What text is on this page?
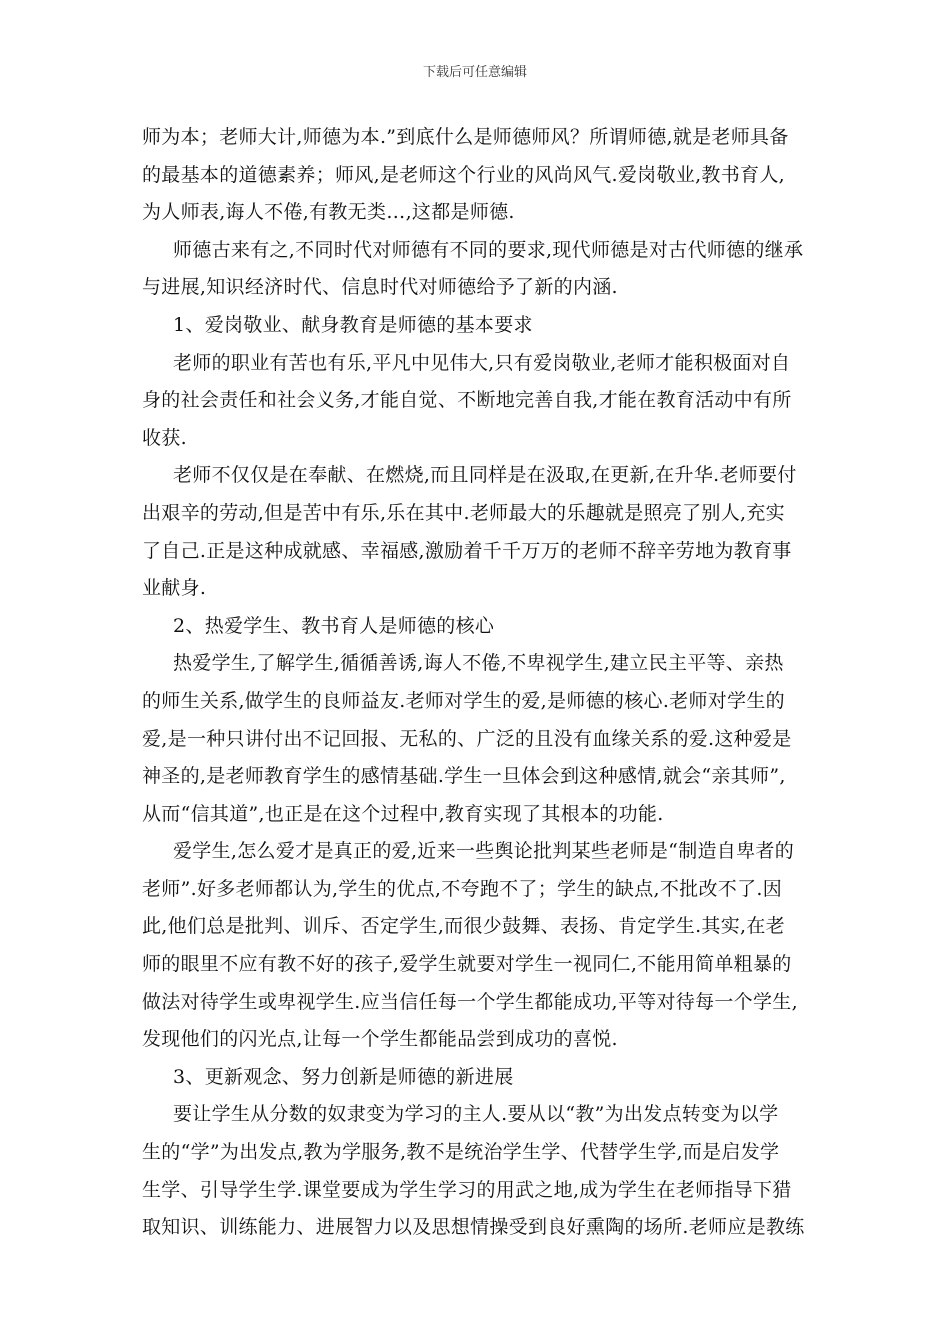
下载后可任意编辑
师为本；老师大计,师德为本.”到底什么是师德师风？所谓师德,就是老师具备
的最基本的道德素养；师风,是老师这个行业的风尚风气.爱岗敬业,教书育人,
为人师表,诲人不倦,有教无类…,这都是师德.
师德古来有之,不同时代对师德有不同的要求,现代师德是对古代师德的继承
与进展,知识经济时代、信息时代对师德给予了新的内涵.
1、爱岗敬业、献身教育是师德的基本要求
老师的职业有苦也有乐,平凡中见伟大,只有爱岗敬业,老师才能积极面对自
身的社会责任和社会义务,才能自觉、不断地完善自我,才能在教育活动中有所
收获.
老师不仅仅是在奉献、在燃烧,而且同样是在汲取,在更新,在升华.老师要付
出艰辛的劳动,但是苦中有乐,乐在其中.老师最大的乐趣就是照亮了别人,充实
了自己.正是这种成就感、幸福感,激励着千千万万的老师不辞辛劳地为教育事
业献身.
2、热爱学生、教书育人是师德的核心
热爱学生,了解学生,循循善诱,诲人不倦,不卑视学生,建立民主平等、亲热
的师生关系,做学生的良师益友.老师对学生的爱,是师德的核心.老师对学生的
爱,是一种只讲付出不记回报、无私的、广泛的且没有血缘关系的爱.这种爱是
神圣的,是老师教育学生的感情基础.学生一旦体会到这种感情,就会“亲其师”,
从而“信其道”,也正是在这个过程中,教育实现了其根本的功能.
爱学生,怎么爱才是真正的爱,近来一些舆论批判某些老师是“制造自卑者的
老师”.好多老师都认为,学生的优点,不夸跑不了；学生的缺点,不批改不了.因
此,他们总是批判、训斥、否定学生,而很少鼓舞、表扬、肯定学生.其实,在老
师的眼里不应有教不好的孩子,爱学生就要对学生一视同仁,不能用简单粗暴的
做法对待学生或卑视学生.应当信任每一个学生都能成功,平等对待每一个学生,
发现他们的闪光点,让每一个学生都能品尝到成功的喜悦.
3、更新观念、努力创新是师德的新进展
要让学生从分数的奴隶变为学习的主人.要从以“教”为出发点转变为以学
生的“学”为出发点,教为学服务,教不是统治学生学、代替学生学,而是启发学
生学、引导学生学.课堂要成为学生学习的用武之地,成为学生在老师指导下猎
取知识、训练能力、进展智力以及思想情操受到良好熏陶的场所.老师应是教练
